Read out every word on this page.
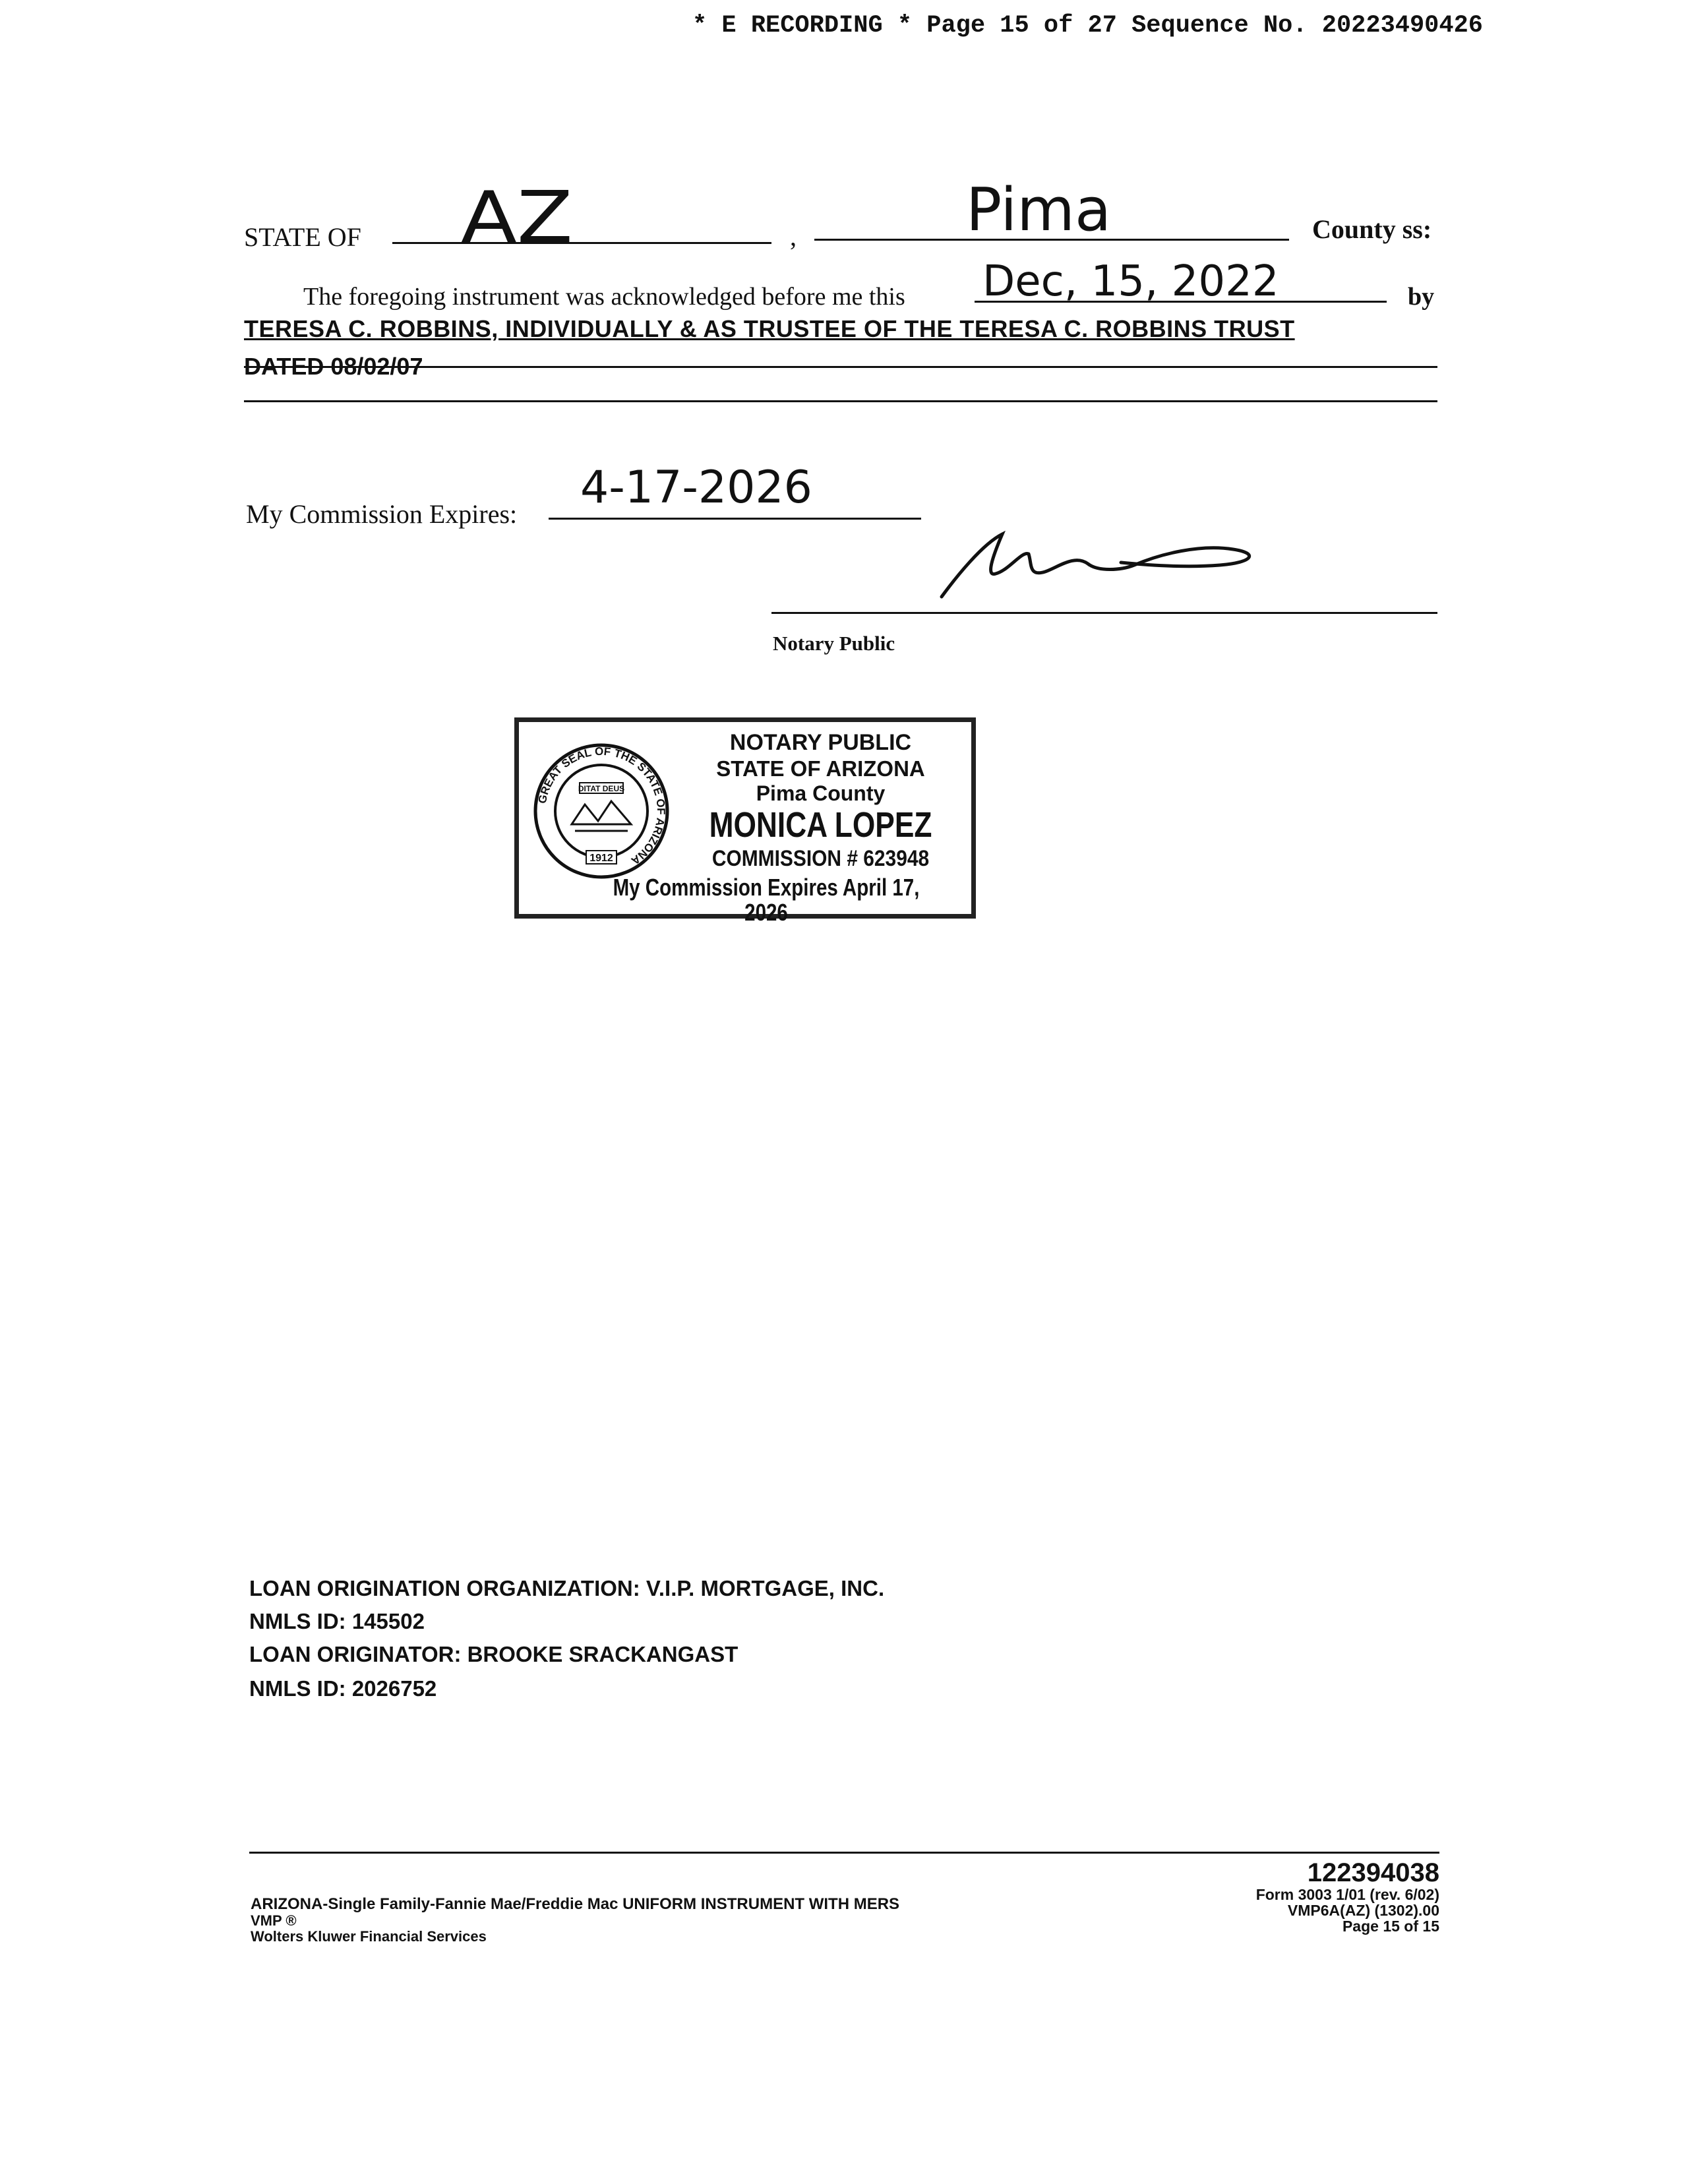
* E RECORDING * Page 15 of 27 Sequence No. 20223490426
STATE OF AZ	,	Pima	County ss:
The foregoing instrument was acknowledged before me this Dec, 15, 2022	by
TERESA C. ROBBINS, INDIVIDUALLY & AS TRUSTEE OF THE TERESA C. ROBBINS TRUST
DATED 08/02/07
My Commission Expires:
4-17-2026
Notary Public
GREAT SEAL OF THE STATE OF ARIZONA
DITAT DEUS
1912
NOTARY PUBLIC
STATE OF ARIZONA
Pima County
MONICA LOPEZ
COMMISSION # 623948
My Commission Expires April 17, 2026
LOAN ORIGINATION ORGANIZATION: V.I.P. MORTGAGE, INC.
NMLS ID: 145502
LOAN ORIGINATOR: BROOKE SRACKANGAST
NMLS ID: 2026752
122394038
ARIZONA-Single Family-Fannie Mae/Freddie Mac UNIFORM INSTRUMENT WITH MERS
VMP ®
Wolters Kluwer Financial Services
Form 3003 1/01 (rev. 6/02)
VMP6A(AZ) (1302).00
Page 15 of 15
